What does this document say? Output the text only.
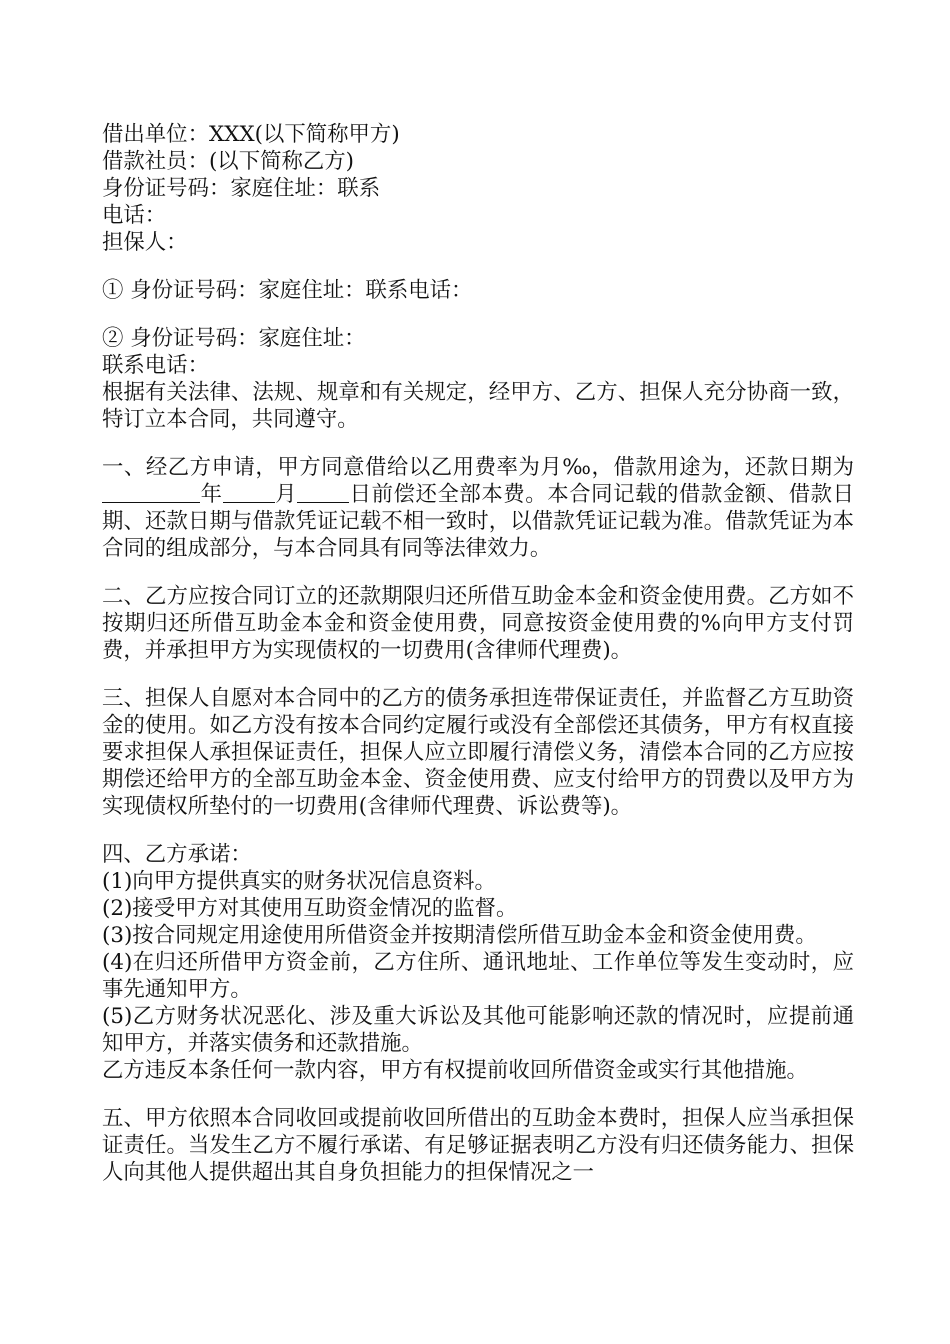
借出单位：XXX(以下简称甲方)
借款社员：(以下简称乙方)
身份证号码：家庭住址：联系
电话：
担保人：
① 身份证号码：家庭住址：联系电话：
② 身份证号码：家庭住址：
联系电话：
根据有关法律、法规、规章和有关规定，经甲方、乙方、担保人充分协商一致，特订立本合同，共同遵守。
一、经乙方申请，甲方同意借给以乙用费率为月‰，借款用途为，还款日期为年 月 日前偿还全部本费。本合同记载的借款金额、借款日期、还款日期与借款凭证记载不相一致时，以借款凭证记载为准。借款凭证为本合同的组成部分，与本合同具有同等法律效力。
二、乙方应按合同订立的还款期限归还所借互助金本金和资金使用费。乙方如不按期归还所借互助金本金和资金使用费，同意按资金使用费的%向甲方支付罚费，并承担甲方为实现债权的一切费用(含律师代理费)。
三、担保人自愿对本合同中的乙方的债务承担连带保证责任，并监督乙方互助资金的使用。如乙方没有按本合同约定履行或没有全部偿还其债务，甲方有权直接要求担保人承担保证责任，担保人应立即履行清偿义务，清偿本合同的乙方应按期偿还给甲方的全部互助金本金、资金使用费、应支付给甲方的罚费以及甲方为实现债权所垫付的一切费用(含律师代理费、诉讼费等)。
四、乙方承诺：
(1)向甲方提供真实的财务状况信息资料。
(2)接受甲方对其使用互助资金情况的监督。
(3)按合同规定用途使用所借资金并按期清偿所借互助金本金和资金使用费。
(4)在归还所借甲方资金前，乙方住所、通讯地址、工作单位等发生变动时，应事先通知甲方。
(5)乙方财务状况恶化、涉及重大诉讼及其他可能影响还款的情况时，应提前通知甲方，并落实债务和还款措施。
乙方违反本条任何一款内容，甲方有权提前收回所借资金或实行其他措施。
五、甲方依照本合同收回或提前收回所借出的互助金本费时，担保人应当承担保证责任。当发生乙方不履行承诺、有足够证据表明乙方没有归还债务能力、担保人向其他人提供超出其自身负担能力的担保情况之一
